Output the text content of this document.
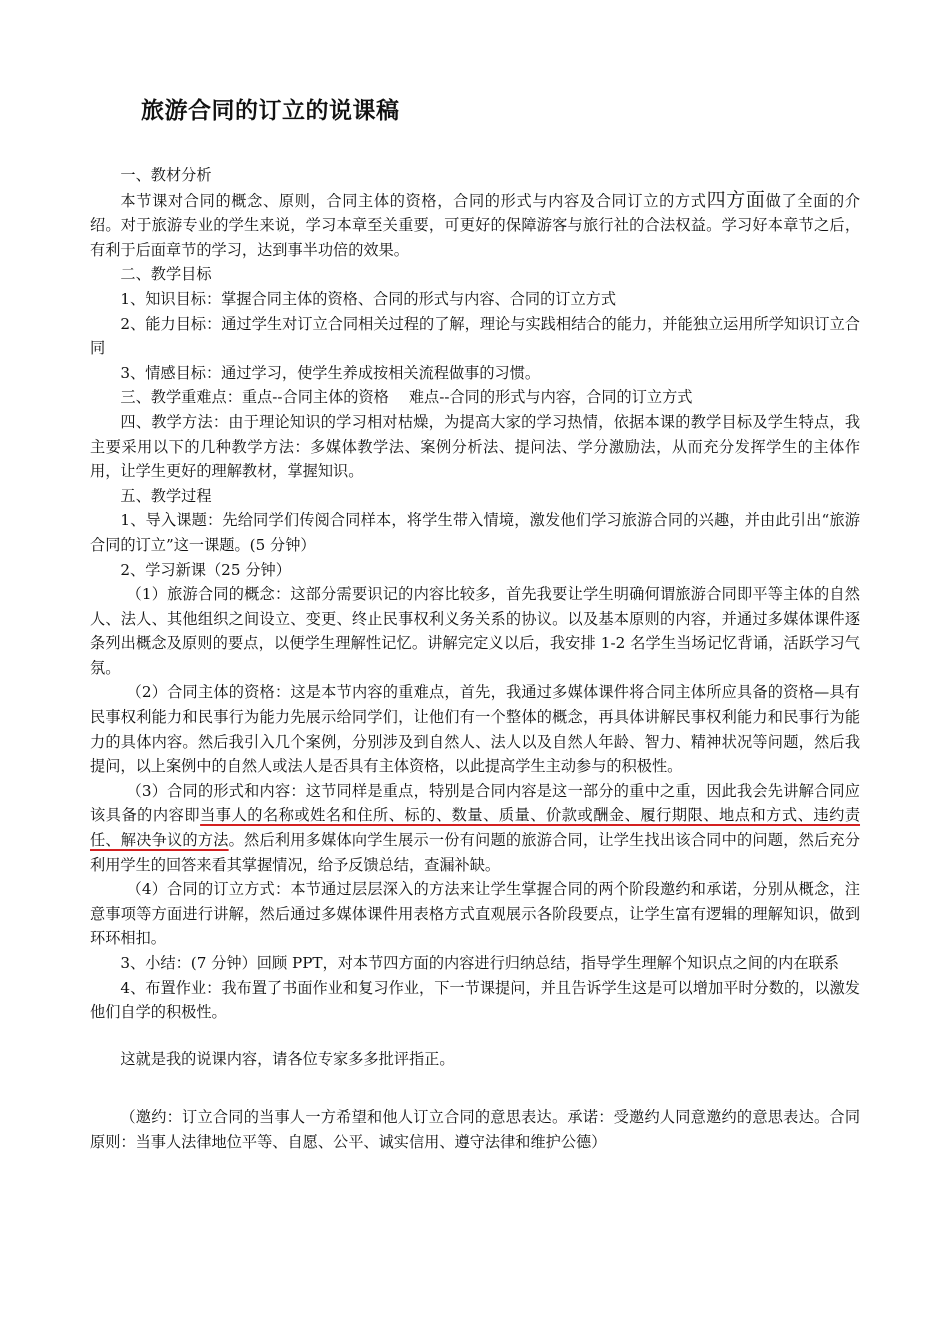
旅游合同的订立的说课稿

一、教材分析

本节课对合同的概念、原则，合同主体的资格，合同的形式与内容及合同订立的方式四方面做了全面的介绍。对于旅游专业的学生来说，学习本章至关重要，可更好的保障游客与旅行社的合法权益。学习好本章节之后，有利于后面章节的学习，达到事半功倍的效果。

二、教学目标

1、知识目标：掌握合同主体的资格、合同的形式与内容、合同的订立方式

2、能力目标：通过学生对订立合同相关过程的了解，理论与实践相结合的能力，并能独立运用所学知识订立合同

3、情感目标：通过学习，使学生养成按相关流程做事的习惯。

三、教学重难点：重点--合同主体的资格　 难点--合同的形式与内容，合同的订立方式

四、教学方法：由于理论知识的学习相对枯燥，为提高大家的学习热情，依据本课的教学目标及学生特点，我主要采用以下的几种教学方法：多媒体教学法、案例分析法、提问法、学分激励法，从而充分发挥学生的主体作用，让学生更好的理解教材，掌握知识。

五、教学过程

1、导入课题：先给同学们传阅合同样本，将学生带入情境，激发他们学习旅游合同的兴趣，并由此引出“旅游合同的订立”这一课题。(5 分钟）

2、学习新课（25 分钟）

（1）旅游合同的概念：这部分需要识记的内容比较多，首先我要让学生明确何谓旅游合同即平等主体的自然人、法人、其他组织之间设立、变更、终止民事权利义务关系的协议。以及基本原则的内容，并通过多媒体课件逐条列出概念及原则的要点，以便学生理解性记忆。讲解完定义以后，我安排 1-2 名学生当场记忆背诵，活跃学习气氛。

（2）合同主体的资格：这是本节内容的重难点，首先，我通过多媒体课件将合同主体所应具备的资格—具有民事权利能力和民事行为能力先展示给同学们，让他们有一个整体的概念，再具体讲解民事权利能力和民事行为能力的具体内容。然后我引入几个案例，分别涉及到自然人、法人以及自然人年龄、智力、精神状况等问题，然后我提问，以上案例中的自然人或法人是否具有主体资格，以此提高学生主动参与的积极性。

（3）合同的形式和内容：这节同样是重点，特别是合同内容是这一部分的重中之重，因此我会先讲解合同应该具备的内容即当事人的名称或姓名和住所、标的、数量、质量、价款或酬金、履行期限、地点和方式、违约责任、解决争议的方法。然后利用多媒体向学生展示一份有问题的旅游合同，让学生找出该合同中的问题，然后充分利用学生的回答来看其掌握情况，给予反馈总结，查漏补缺。

（4）合同的订立方式：本节通过层层深入的方法来让学生掌握合同的两个阶段邀约和承诺，分别从概念，注意事项等方面进行讲解，然后通过多媒体课件用表格方式直观展示各阶段要点，让学生富有逻辑的理解知识，做到环环相扣。

3、小结：(7 分钟）回顾 PPT，对本节四方面的内容进行归纳总结，指导学生理解个知识点之间的内在联系

4、布置作业：我布置了书面作业和复习作业，下一节课提问，并且告诉学生这是可以增加平时分数的，以激发他们自学的积极性。

这就是我的说课内容，请各位专家多多批评指正。

（邀约：订立合同的当事人一方希望和他人订立合同的意思表达。承诺：受邀约人同意邀约的意思表达。合同原则：当事人法律地位平等、自愿、公平、诚实信用、遵守法律和维护公德）
